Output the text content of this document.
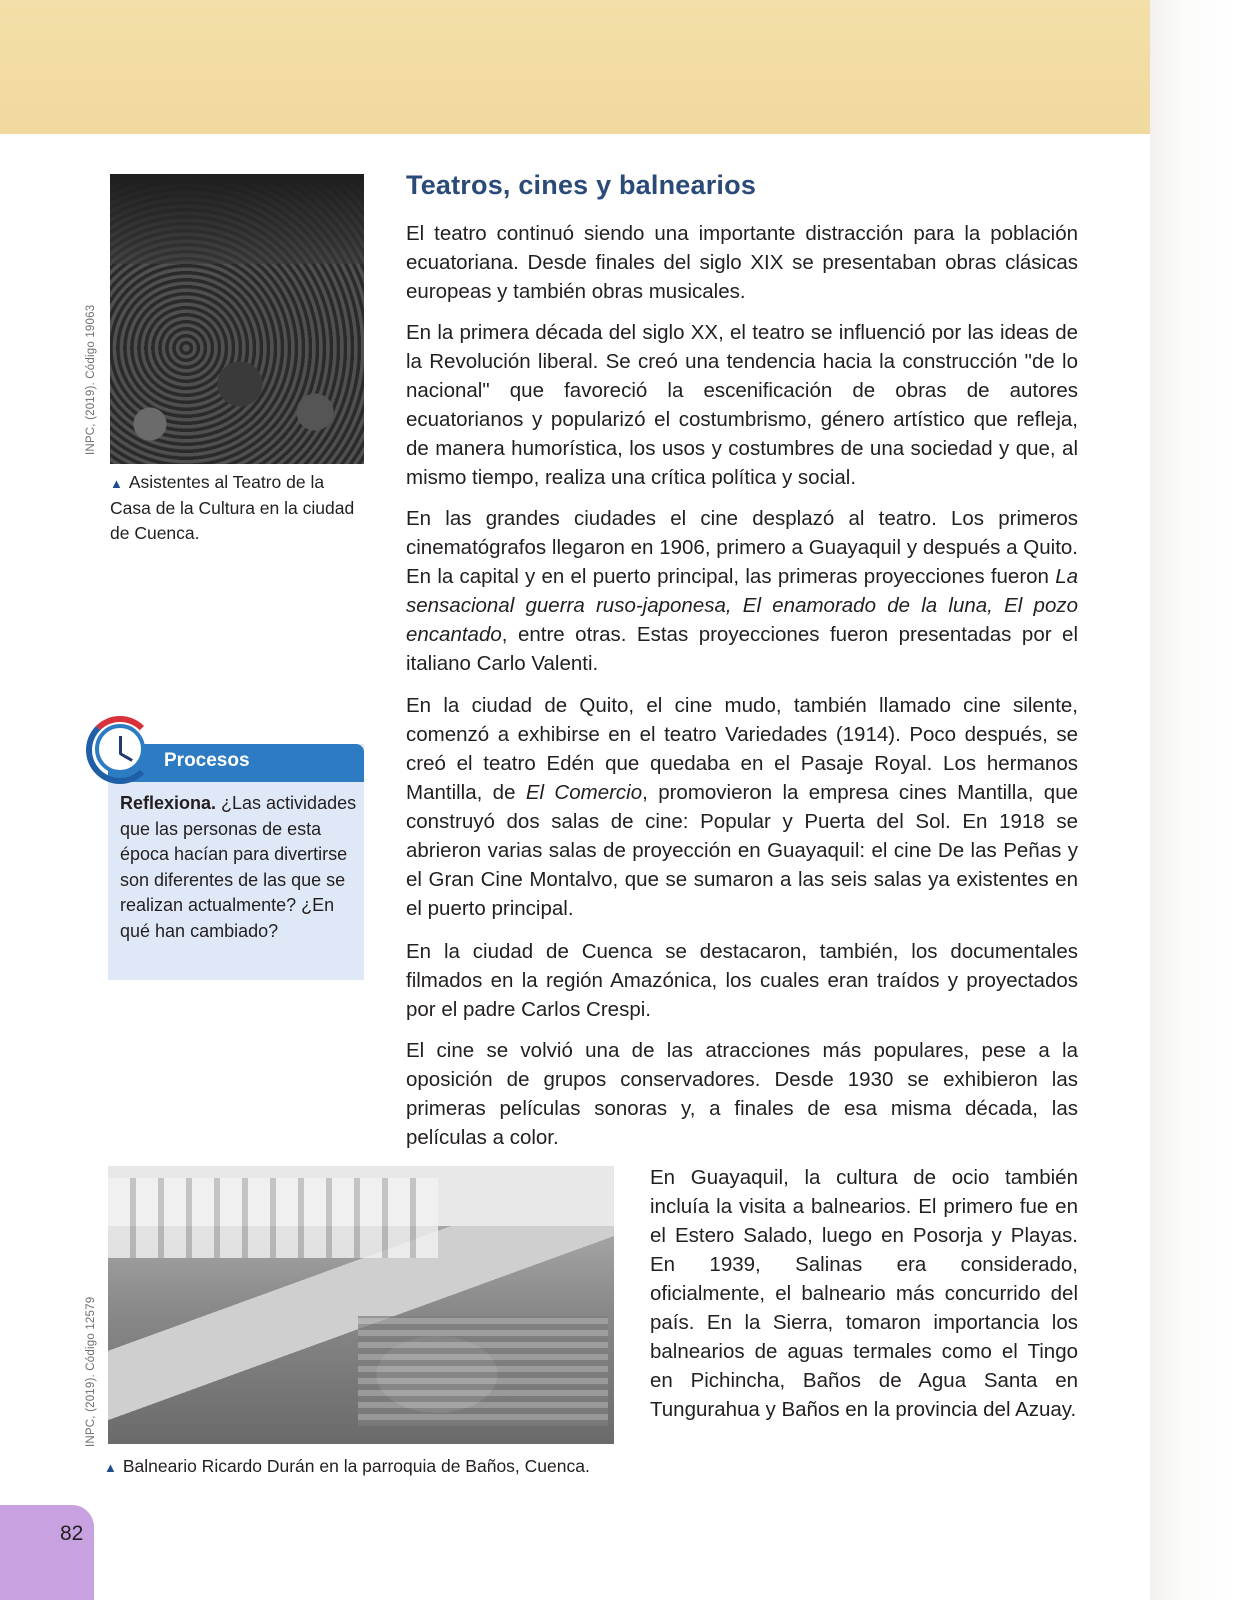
INPC, (2019). Código 19063
▲ Asistentes al Teatro de la Casa de la Cultura en la ciudad de Cuenca.
Procesos
Reflexiona. ¿Las actividades que las personas de esta época hacían para divertirse son diferentes de las que se realizan actualmente? ¿En qué han cambiado?
Teatros, cines y balnearios
El teatro continuó siendo una importante distracción para la población ecuatoriana. Desde finales del siglo XIX se presentaban obras clásicas europeas y también obras musicales.
En la primera década del siglo XX, el teatro se influenció por las ideas de la Revolución liberal. Se creó una tendencia hacia la construcción "de lo nacional" que favoreció la escenificación de obras de autores ecuatorianos y popularizó el costumbrismo, género artístico que refleja, de manera humorística, los usos y costumbres de una sociedad y que, al mismo tiempo, realiza una crítica política y social.
En las grandes ciudades el cine desplazó al teatro. Los primeros cinematógrafos llegaron en 1906, primero a Guayaquil y después a Quito. En la capital y en el puerto principal, las primeras proyecciones fueron La sensacional guerra ruso-japonesa, El enamorado de la luna, El pozo encantado, entre otras. Estas proyecciones fueron presentadas por el italiano Carlo Valenti.
En la ciudad de Quito, el cine mudo, también llamado cine silente, comenzó a exhibirse en el teatro Variedades (1914). Poco después, se creó el teatro Edén que quedaba en el Pasaje Royal. Los hermanos Mantilla, de El Comercio, promovieron la empresa cines Mantilla, que construyó dos salas de cine: Popular y Puerta del Sol. En 1918 se abrieron varias salas de proyección en Guayaquil: el cine De las Peñas y el Gran Cine Montalvo, que se sumaron a las seis salas ya existentes en el puerto principal.
En la ciudad de Cuenca se destacaron, también, los documentales filmados en la región Amazónica, los cuales eran traídos y proyectados por el padre Carlos Crespi.
El cine se volvió una de las atracciones más populares, pese a la oposición de grupos conservadores. Desde 1930 se exhibieron las primeras películas sonoras y, a finales de esa misma década, las películas a color.
INPC, (2019). Código 12579
▲ Balneario Ricardo Durán en la parroquia de Baños, Cuenca.
En Guayaquil, la cultura de ocio también incluía la visita a balnearios. El primero fue en el Estero Salado, luego en Posorja y Playas. En 1939, Salinas era considerado, oficialmente, el balneario más concurrido del país. En la Sierra, tomaron importancia los balnearios de aguas termales como el Tingo en Pichincha, Baños de Agua Santa en Tungurahua y Baños en la provincia del Azuay.
82
